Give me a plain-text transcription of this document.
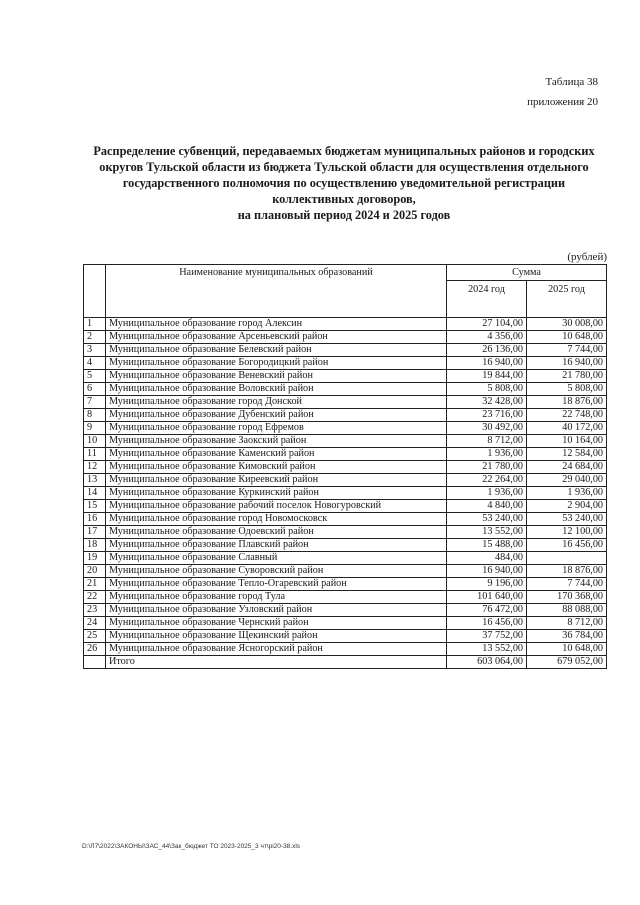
Таблица 38
приложения 20
Распределение субвенций, передаваемых бюджетам муниципальных районов и городских
округов Тульской области из бюджета Тульской области для осуществления отдельного
государственного полномочия по осуществлению уведомительной регистрации
коллективных договоров,
на плановый период 2024 и 2025 годов
(рублей)
	Наименование муниципальных образований	Сумма	
		2024 год	2025 год
1	Муниципальное образование город Алексин	27 104,00	30 008,00
2	Муниципальное образование Арсеньевский район	4 356,00	10 648,00
3	Муниципальное образование Белевский район	26 136,00	7 744,00
4	Муниципальное образование Богородицкий район	16 940,00	16 940,00
5	Муниципальное образование Веневский район	19 844,00	21 780,00
6	Муниципальное образование Воловский район	5 808,00	5 808,00
7	Муниципальное образование город Донской	32 428,00	18 876,00
8	Муниципальное образование Дубенский район	23 716,00	22 748,00
9	Муниципальное образование город Ефремов	30 492,00	40 172,00
10	Муниципальное образование Заокский район	8 712,00	10 164,00
11	Муниципальное образование Каменский район	1 936,00	12 584,00
12	Муниципальное образование Кимовский район	21 780,00	24 684,00
13	Муниципальное образование Киреевский район	22 264,00	29 040,00
14	Муниципальное образование Куркинский район	1 936,00	1 936,00
15	Муниципальное образование рабочий поселок Новогуровский	4 840,00	2 904,00
16	Муниципальное образование город Новомосковск	53 240,00	53 240,00
17	Муниципальное образование Одоевский район	13 552,00	12 100,00
18	Муниципальное образование Плавский район	15 488,00	16 456,00
19	Муниципальное образование Славный	484,00	
20	Муниципальное образование Суворовский район	16 940,00	18 876,00
21	Муниципальное образование Тепло-Огаревский район	9 196,00	7 744,00
22	Муниципальное образование город Тула	101 640,00	170 368,00
23	Муниципальное образование Узловский район	76 472,00	88 088,00
24	Муниципальное образование Чернский район	16 456,00	8 712,00
25	Муниципальное образование Щекинский район	37 752,00	36 784,00
26	Муниципальное образование Ясногорский район	13 552,00	10 648,00
	Итого	603 064,00	679 052,00
D:\Л7\2022\ЗАКОНЫ\ЗАС_44\Зак_бюджет ТО 2023-2025_3 чт\рi20-38.xls
